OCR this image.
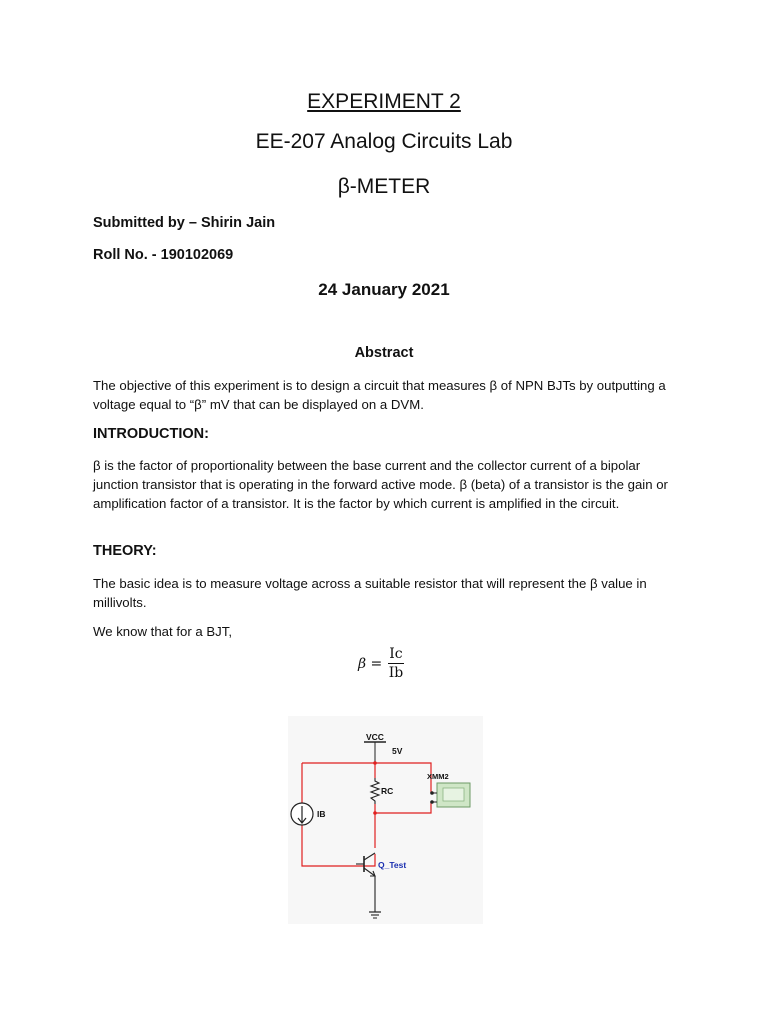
EXPERIMENT 2
EE-207 Analog Circuits Lab
β-METER
Submitted by – Shirin Jain
Roll No. - 190102069
24 January 2021
Abstract
The objective of this experiment is to design a circuit that measures β of NPN BJTs by outputting a voltage equal to “β” mV that can be displayed on a DVM.
INTRODUCTION:
β is the factor of proportionality between the base current and the collector current of a bipolar junction transistor that is operating in the forward active mode. β (beta) of a transistor is the gain or amplification factor of a transistor. It is the factor by which current is amplified in the circuit.
THEORY:
The basic idea is to measure voltage across a suitable resistor that will represent the β value in millivolts.
We know that for a BJT,
$\beta = \frac{Ic}{Ib}$
VCC
5V
IB
RC
XMM2
Q_Test
